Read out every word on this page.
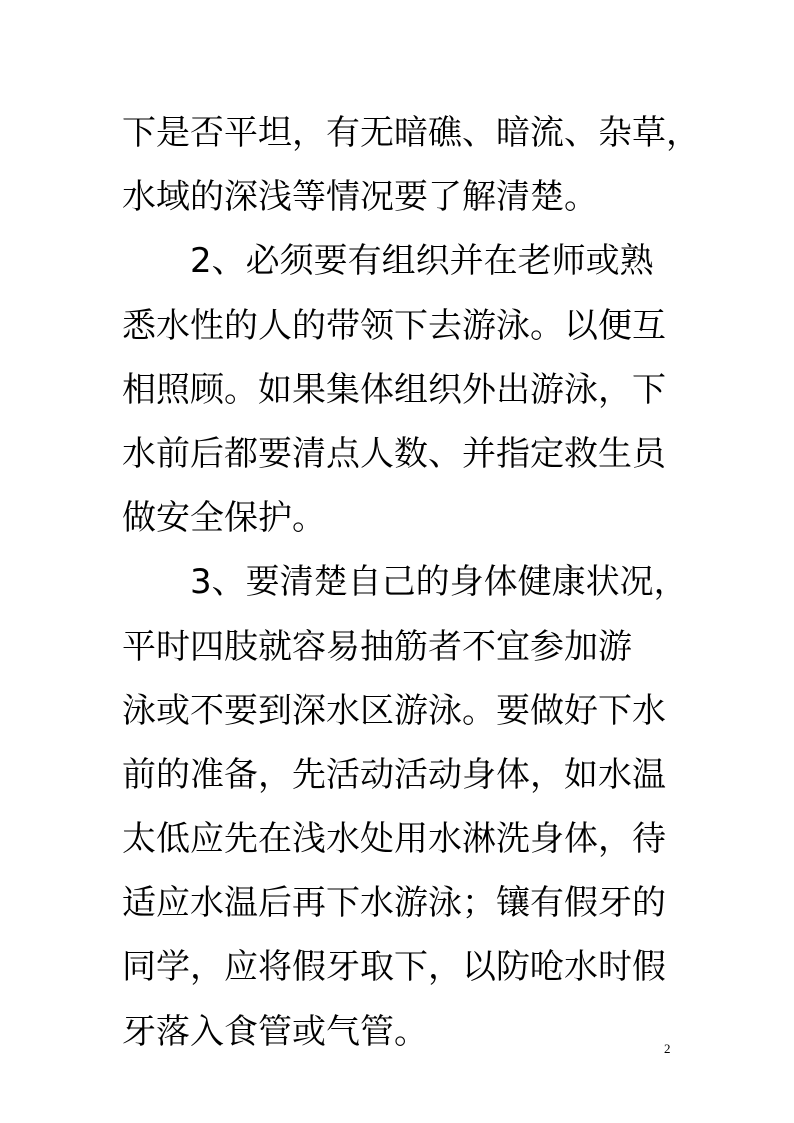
下是否平坦，有无暗礁、暗流、杂草，
水域的深浅等情况要了解清楚。
2、必须要有组织并在老师或熟
悉水性的人的带领下去游泳。以便互
相照顾。如果集体组织外出游泳，下
水前后都要清点人数、并指定救生员
做安全保护。
3、要清楚自己的身体健康状况，
平时四肢就容易抽筋者不宜参加游
泳或不要到深水区游泳。要做好下水
前的准备，先活动活动身体，如水温
太低应先在浅水处用水淋洗身体，待
适应水温后再下水游泳；镶有假牙的
同学，应将假牙取下，以防呛水时假
牙落入食管或气管。	2
